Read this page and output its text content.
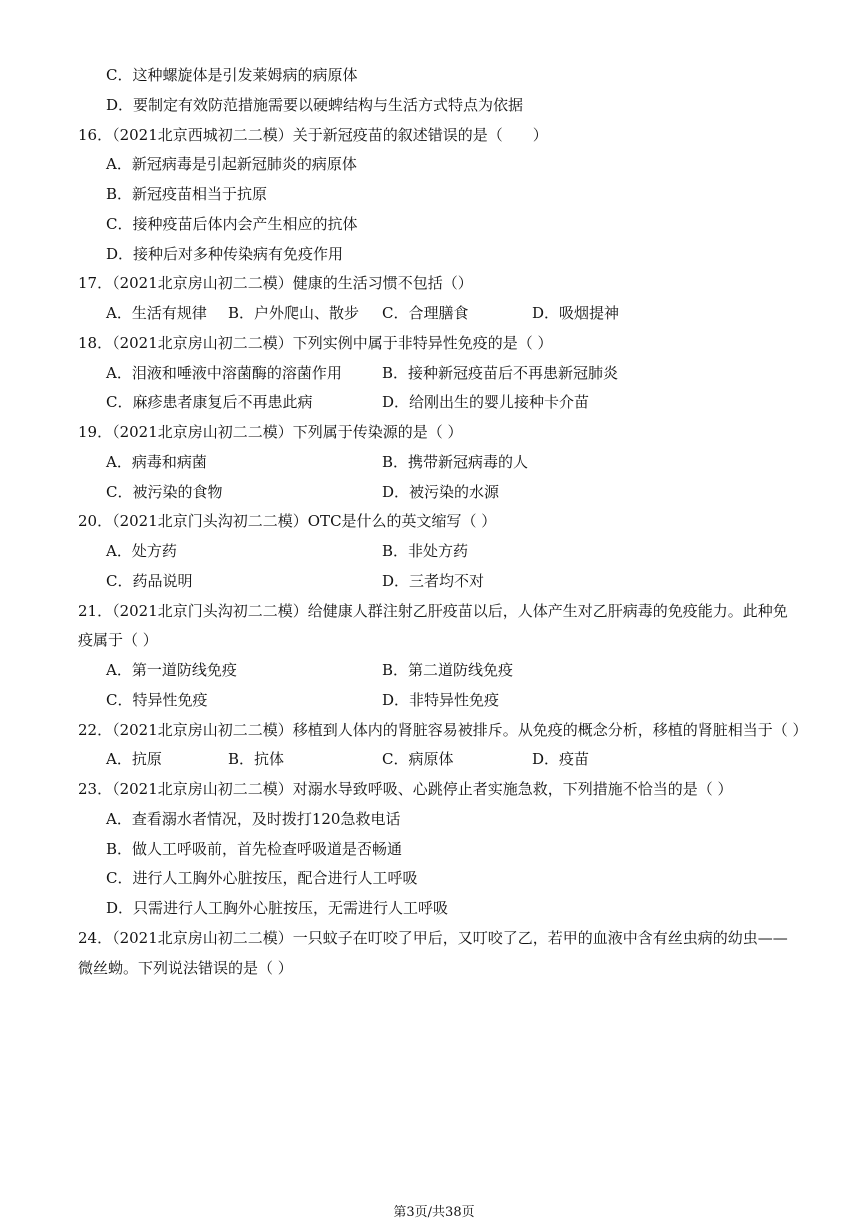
C．这种螺旋体是引发莱姆病的病原体
D．要制定有效防范措施需要以硬蜱结构与生活方式特点为依据
16．（2021北京西城初二二模）关于新冠疫苗的叙述错误的是（　　）
A．新冠病毒是引起新冠肺炎的病原体
B．新冠疫苗相当于抗原
C．接种疫苗后体内会产生相应的抗体
D．接种后对多种传染病有免疫作用
17．（2021北京房山初二二模）健康的生活习惯不包括（）
A．生活有规律 B．户外爬山、散步 C．合理膳食	D．吸烟提神
18．（2021北京房山初二二模）下列实例中属于非特异性免疫的是（ ）
A．泪液和唾液中溶菌酶的溶菌作用	B．接种新冠疫苗后不再患新冠肺炎
C．麻疹患者康复后不再患此病	D．给刚出生的婴儿接种卡介苗
19．（2021北京房山初二二模）下列属于传染源的是（ ）
A．病毒和病菌	B．携带新冠病毒的人
C．被污染的食物	D．被污染的水源
20．（2021北京门头沟初二二模）OTC是什么的英文缩写（ ）
A．处方药	B．非处方药
C．药品说明	D．三者均不对
21．（2021北京门头沟初二二模）给健康人群注射乙肝疫苗以后，人体产生对乙肝病毒的免疫能力。此种免
疫属于（ ）
A．第一道防线免疫	B．第二道防线免疫
C．特异性免疫	D．非特异性免疫
22．（2021北京房山初二二模）移植到人体内的肾脏容易被排斥。从免疫的概念分析，移植的肾脏相当于（ ）
A．抗原	B．抗体	C．病原体	D．疫苗
23．（2021北京房山初二二模）对溺水导致呼吸、心跳停止者实施急救，下列措施不恰当的是（ ）
A．查看溺水者情况，及时拨打120急救电话
B．做人工呼吸前，首先检查呼吸道是否畅通
C．进行人工胸外心脏按压，配合进行人工呼吸
D．只需进行人工胸外心脏按压，无需进行人工呼吸
24．（2021北京房山初二二模）一只蚊子在叮咬了甲后，又叮咬了乙，若甲的血液中含有丝虫病的幼虫——
微丝蚴。下列说法错误的是（ ）
第3页/共38页
